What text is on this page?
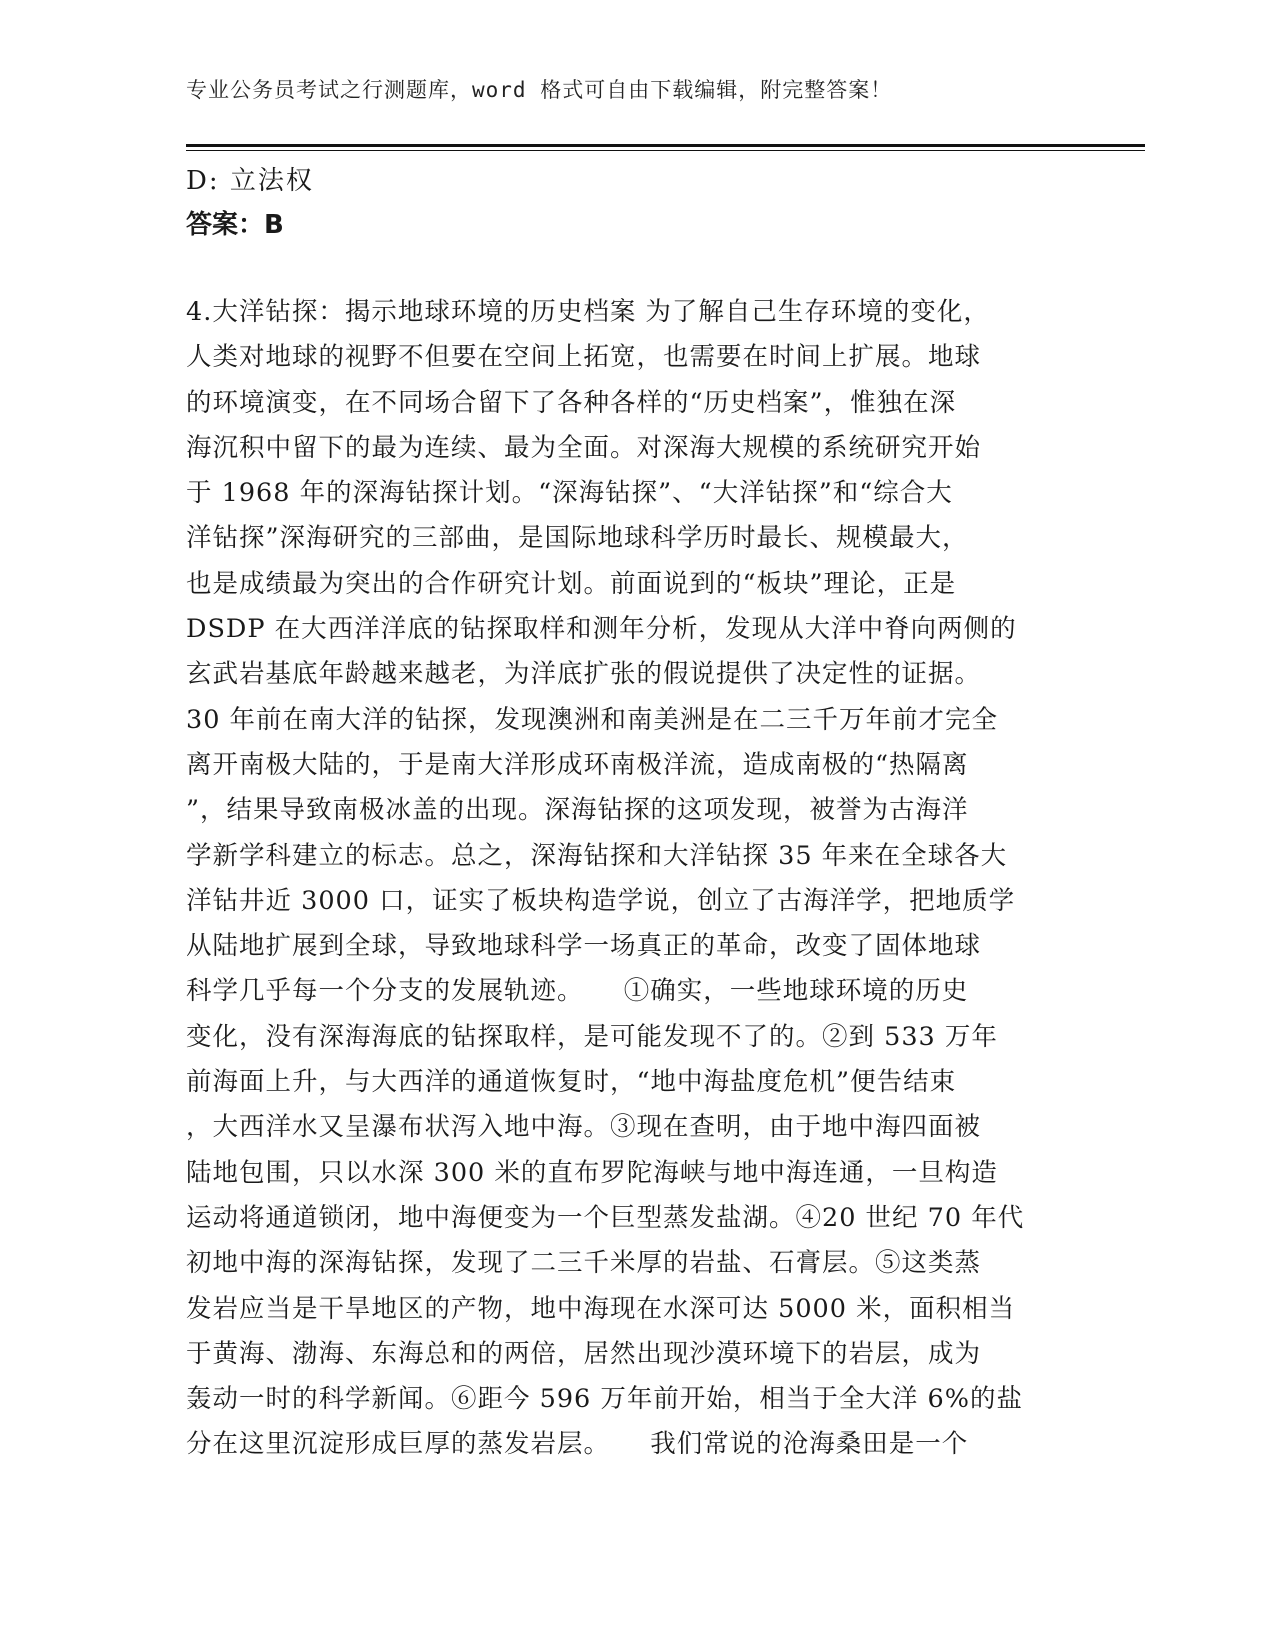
专业公务员考试之行测题库，word 格式可自由下载编辑，附完整答案！
D: 立法权
答案：B
4.大洋钻探：揭示地球环境的历史档案 为了解自己生存环境的变化，
人类对地球的视野不但要在空间上拓宽，也需要在时间上扩展。地球
的环境演变，在不同场合留下了各种各样的“历史档案”，惟独在深
海沉积中留下的最为连续、最为全面。对深海大规模的系统研究开始
于 1968 年的深海钻探计划。“深海钻探”、“大洋钻探”和“综合大
洋钻探”深海研究的三部曲，是国际地球科学历时最长、规模最大，
也是成绩最为突出的合作研究计划。前面说到的“板块”理论，正是
DSDP 在大西洋洋底的钻探取样和测年分析，发现从大洋中脊向两侧的
玄武岩基底年龄越来越老，为洋底扩张的假说提供了决定性的证据。
30 年前在南大洋的钻探，发现澳洲和南美洲是在二三千万年前才完全
离开南极大陆的，于是南大洋形成环南极洋流，造成南极的“热隔离
”，结果导致南极冰盖的出现。深海钻探的这项发现，被誉为古海洋
学新学科建立的标志。总之，深海钻探和大洋钻探 35 年来在全球各大
洋钻井近 3000 口，证实了板块构造学说，创立了古海洋学，把地质学
从陆地扩展到全球，导致地球科学一场真正的革命，改变了固体地球
科学几乎每一个分支的发展轨迹。　　①确实，一些地球环境的历史
变化，没有深海海底的钻探取样，是可能发现不了的。②到 533 万年
前海面上升，与大西洋的通道恢复时，“地中海盐度危机”便告结束
，大西洋水又呈瀑布状泻入地中海。③现在查明，由于地中海四面被
陆地包围，只以水深 300 米的直布罗陀海峡与地中海连通，一旦构造
运动将通道锁闭，地中海便变为一个巨型蒸发盐湖。④20 世纪 70 年代
初地中海的深海钻探，发现了二三千米厚的岩盐、石膏层。⑤这类蒸
发岩应当是干旱地区的产物，地中海现在水深可达 5000 米，面积相当
于黄海、渤海、东海总和的两倍，居然出现沙漠环境下的岩层，成为
轰动一时的科学新闻。⑥距今 596 万年前开始，相当于全大洋 6%的盐
分在这里沉淀形成巨厚的蒸发岩层。　　我们常说的沧海桑田是一个
